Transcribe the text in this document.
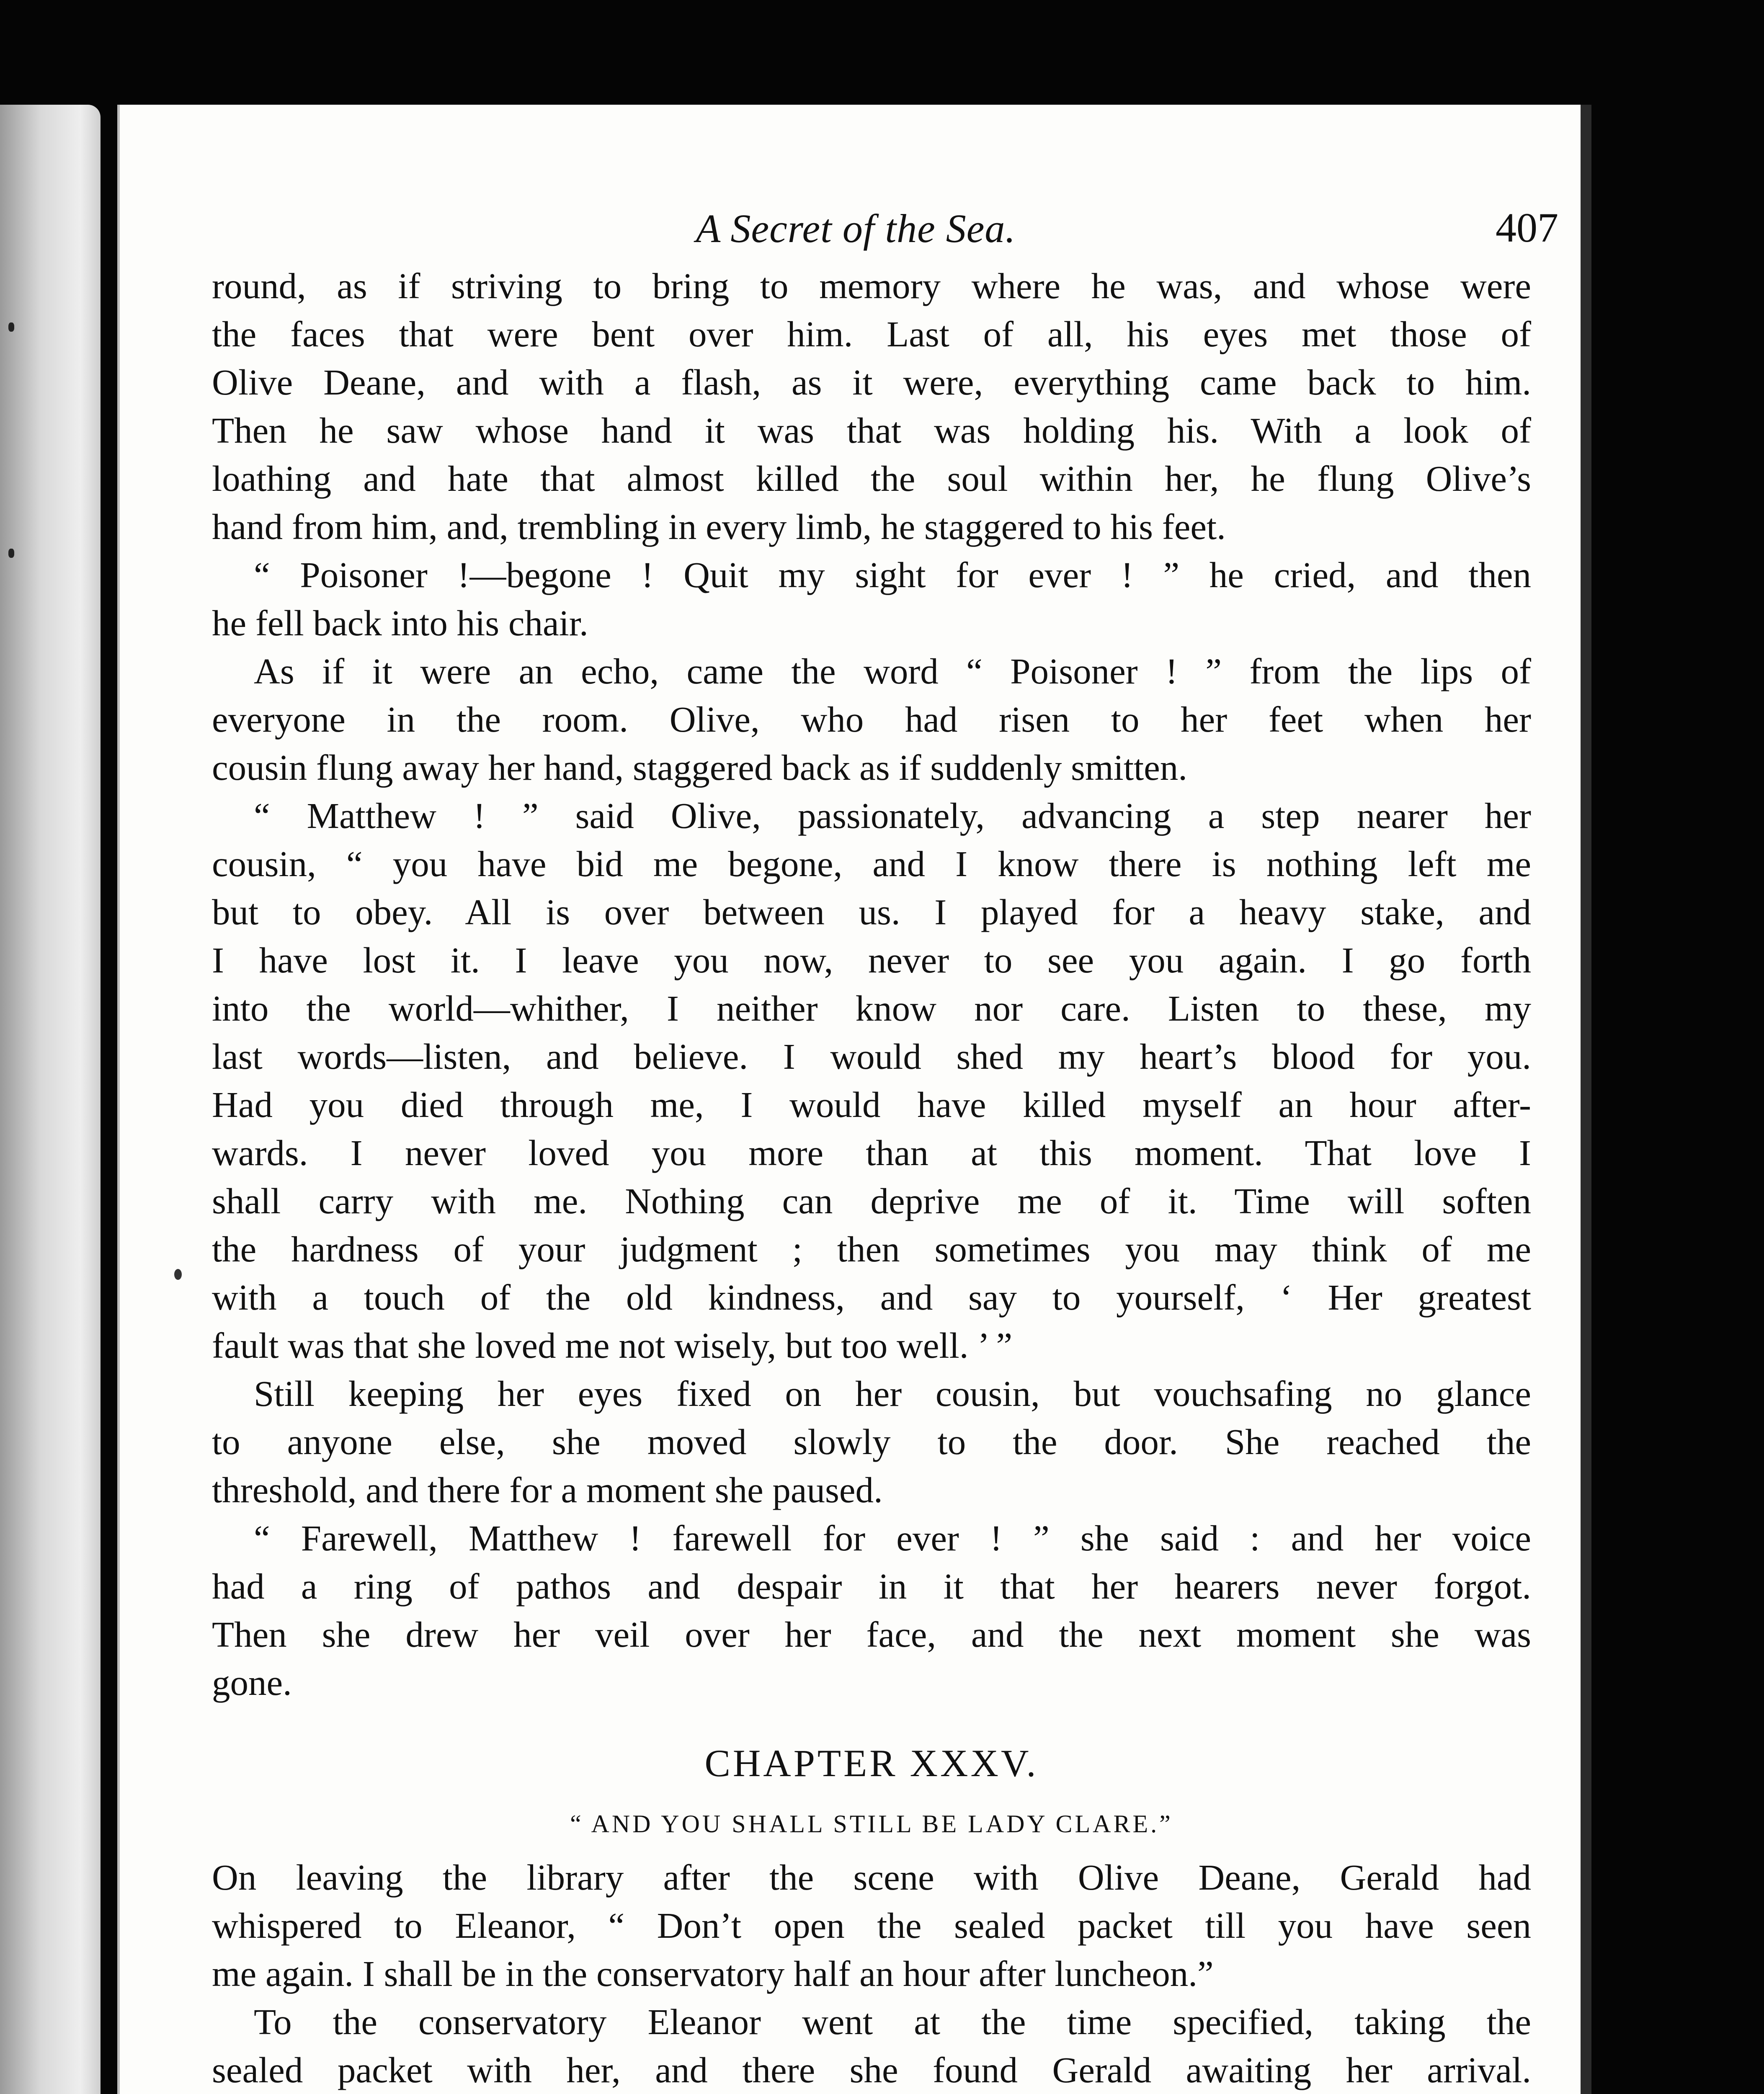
A Secret of the Sea.	407
round, as if striving to bring to memory where he was, and whose were
the faces that were bent over him. Last of all, his eyes met those of
Olive Deane, and with a flash, as it were, everything came back to him.
Then he saw whose hand it was that was holding his. With a look of
loathing and hate that almost killed the soul within her, he flung Olive’s
hand from him, and, trembling in every limb, he staggered to his feet.
“ Poisoner !—begone ! Quit my sight for ever ! ” he cried, and then
he fell back into his chair.
As if it were an echo, came the word “ Poisoner ! ” from the lips of
everyone in the room. Olive, who had risen to her feet when her
cousin flung away her hand, staggered back as if suddenly smitten.
“ Matthew ! ” said Olive, passionately, advancing a step nearer her
cousin, “ you have bid me begone, and I know there is nothing left me
but to obey. All is over between us. I played for a heavy stake, and
I have lost it. I leave you now, never to see you again. I go forth
into the world—whither, I neither know nor care. Listen to these, my
last words—listen, and believe. I would shed my heart’s blood for you.
Had you died through me, I would have killed myself an hour after-
wards. I never loved you more than at this moment. That love I
shall carry with me. Nothing can deprive me of it. Time will soften
the hardness of your judgment ; then sometimes you may think of me
with a touch of the old kindness, and say to yourself, ‘ Her greatest
fault was that she loved me not wisely, but too well. ’ ”
Still keeping her eyes fixed on her cousin, but vouchsafing no glance
to anyone else, she moved slowly to the door. She reached the
threshold, and there for a moment she paused.
“ Farewell, Matthew ! farewell for ever ! ” she said : and her voice
had a ring of pathos and despair in it that her hearers never forgot.
Then she drew her veil over her face, and the next moment she was
gone.
CHAPTER XXXV.
“ AND YOU SHALL STILL BE LADY CLARE.”
On leaving the library after the scene with Olive Deane, Gerald had
whispered to Eleanor, “ Don’t open the sealed packet till you have seen
me again. I shall be in the conservatory half an hour after luncheon.”
To the conservatory Eleanor went at the time specified, taking the
sealed packet with her, and there she found Gerald awaiting her arrival.
